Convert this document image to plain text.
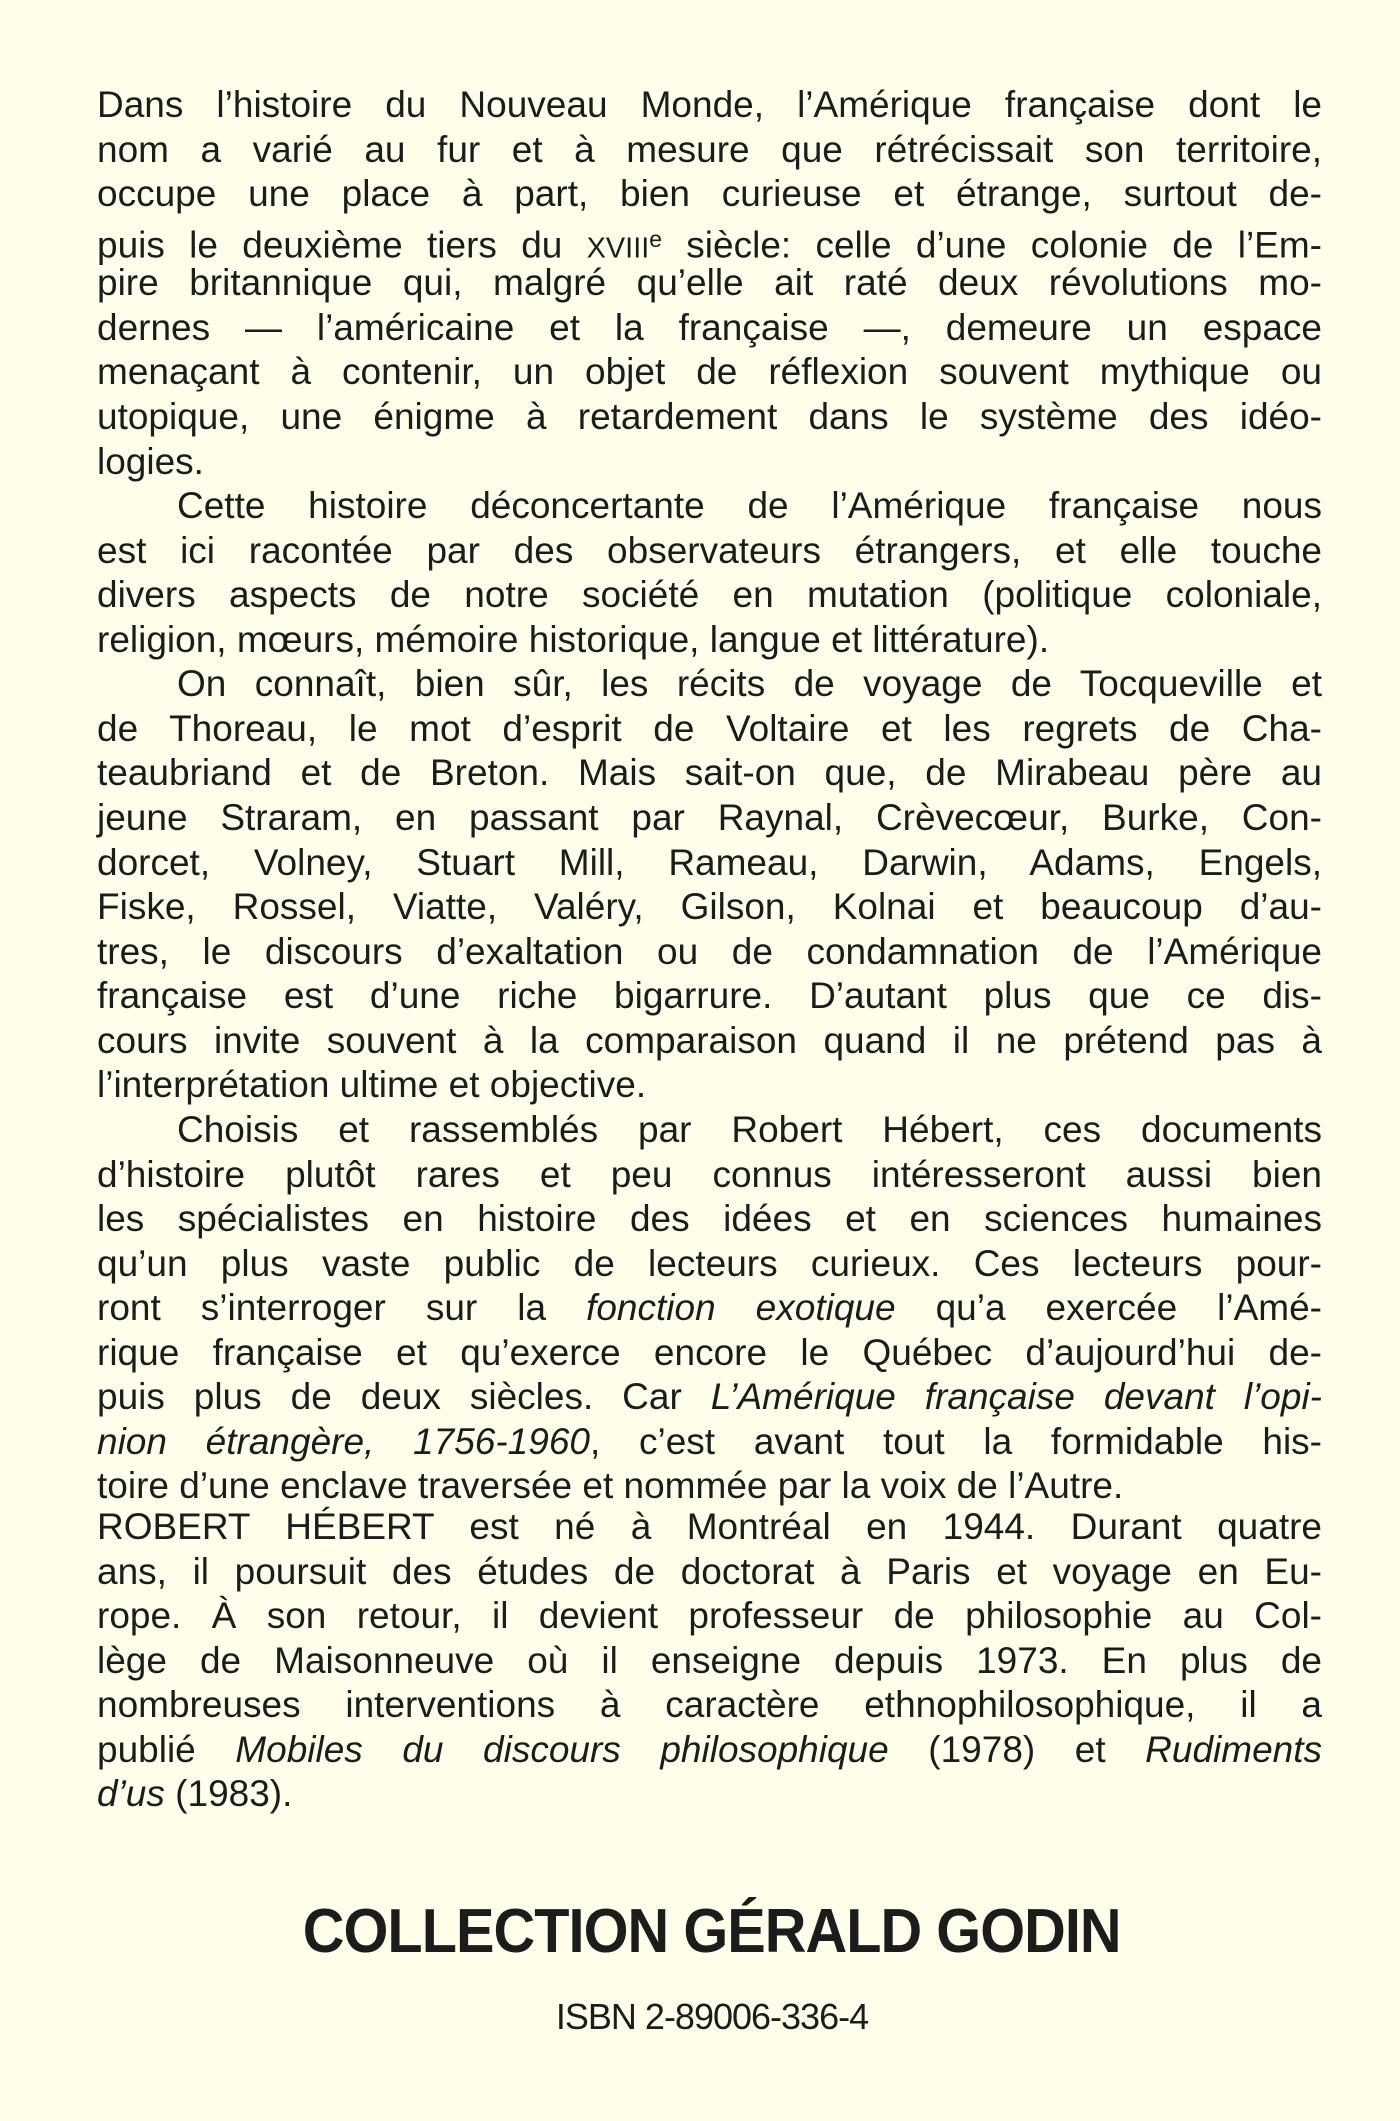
Dans l’histoire du Nouveau Monde, l’Amérique française dont le
nom a varié au fur et à mesure que rétrécissait son territoire,
occupe une place à part, bien curieuse et étrange, surtout de-
puis le deuxième tiers du XVIIIe siècle: celle d’une colonie de l’Em-
pire britannique qui, malgré qu’elle ait raté deux révolutions mo-
dernes — l’américaine et la française —, demeure un espace
menaçant à contenir, un objet de réflexion souvent mythique ou
utopique, une énigme à retardement dans le système des idéo-
logies.
Cette histoire déconcertante de l’Amérique française nous
est ici racontée par des observateurs étrangers, et elle touche
divers aspects de notre société en mutation (politique coloniale,
religion, mœurs, mémoire historique, langue et littérature).
On connaît, bien sûr, les récits de voyage de Tocqueville et
de Thoreau, le mot d’esprit de Voltaire et les regrets de Cha-
teaubriand et de Breton. Mais sait-on que, de Mirabeau père au
jeune Straram, en passant par Raynal, Crèvecœur, Burke, Con-
dorcet, Volney, Stuart Mill, Rameau, Darwin, Adams, Engels,
Fiske, Rossel, Viatte, Valéry, Gilson, Kolnai et beaucoup d’au-
tres, le discours d’exaltation ou de condamnation de l’Amérique
française est d’une riche bigarrure. D’autant plus que ce dis-
cours invite souvent à la comparaison quand il ne prétend pas à
l’interprétation ultime et objective.
Choisis et rassemblés par Robert Hébert, ces documents
d’histoire plutôt rares et peu connus intéresseront aussi bien
les spécialistes en histoire des idées et en sciences humaines
qu’un plus vaste public de lecteurs curieux. Ces lecteurs pour-
ront s’interroger sur la fonction exotique qu’a exercée l’Amé-
rique française et qu’exerce encore le Québec d’aujourd’hui de-
puis plus de deux siècles. Car L’Amérique française devant l’opi-
nion étrangère, 1756-1960, c’est avant tout la formidable his-
toire d’une enclave traversée et nommée par la voix de l’Autre.
ROBERT HÉBERT est né à Montréal en 1944. Durant quatre
ans, il poursuit des études de doctorat à Paris et voyage en Eu-
rope. À son retour, il devient professeur de philosophie au Col-
lège de Maisonneuve où il enseigne depuis 1973. En plus de
nombreuses interventions à caractère ethnophilosophique, il a
publié Mobiles du discours philosophique (1978) et Rudiments
d’us (1983).
COLLECTION GÉRALD GODIN
ISBN 2-89006-336-4
